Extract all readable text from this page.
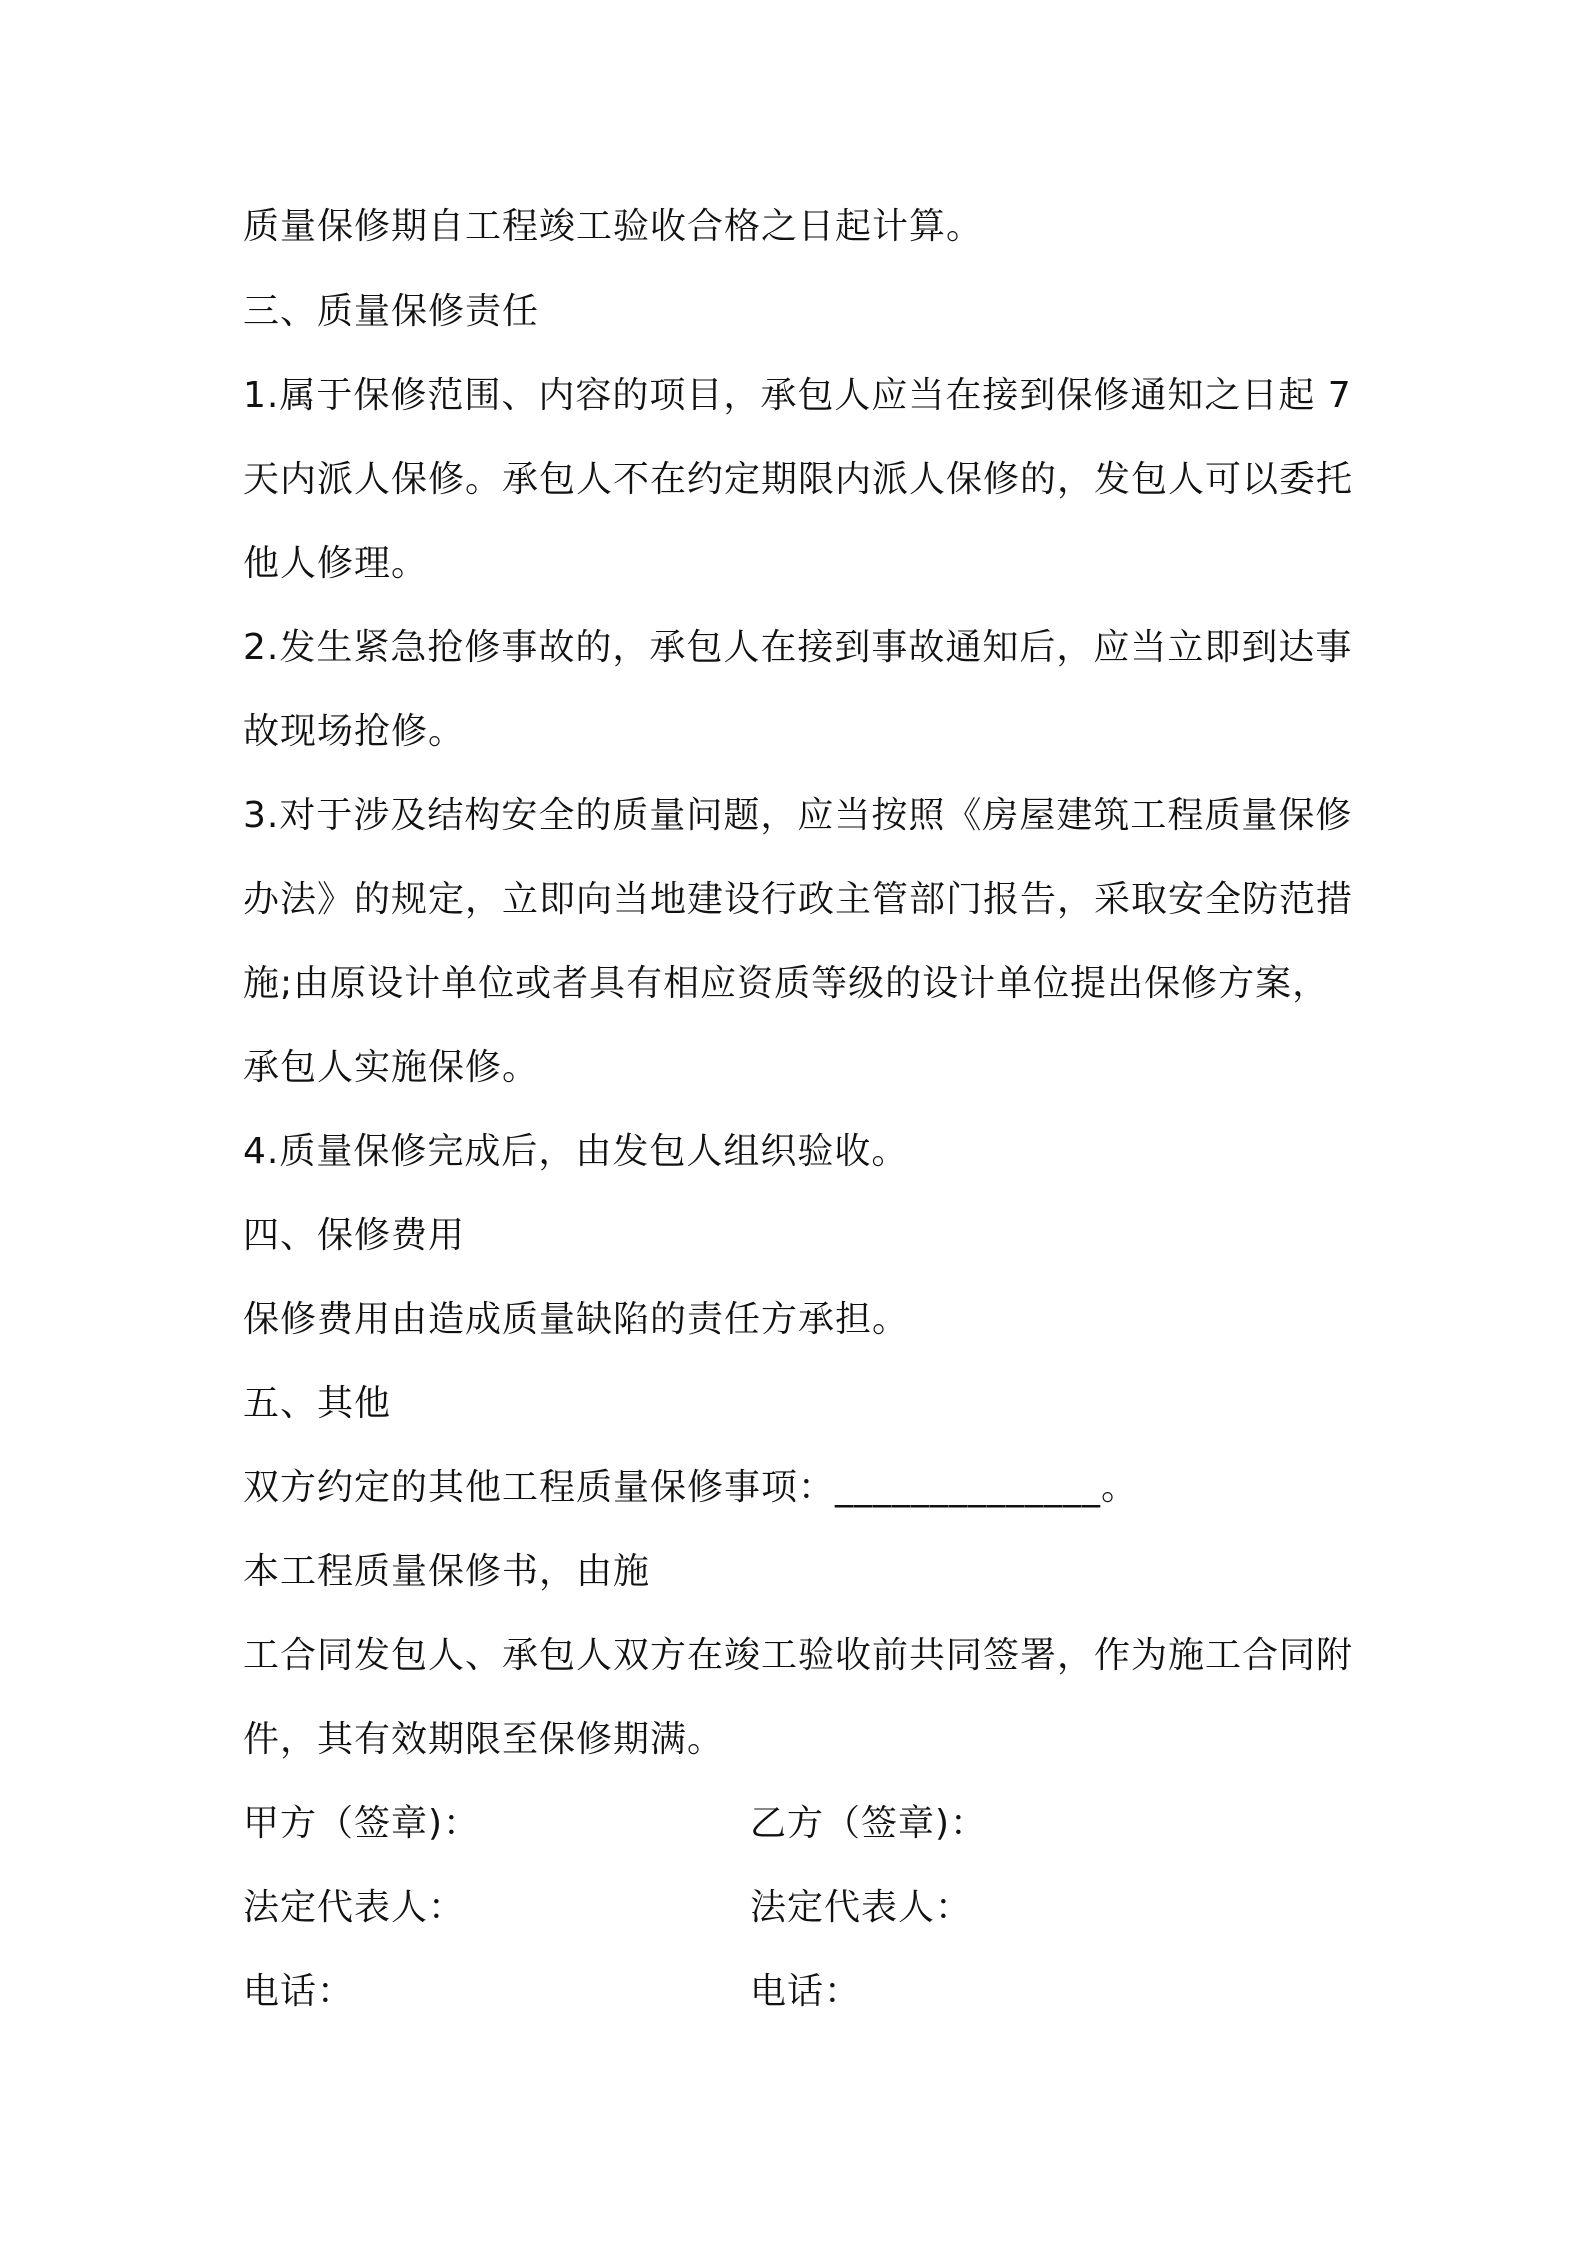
质量保修期自工程竣工验收合格之日起计算。
三、质量保修责任
1.属于保修范围、内容的项目，承包人应当在接到保修通知之日起 7
天内派人保修。承包人不在约定期限内派人保修的，发包人可以委托
他人修理。
2.发生紧急抢修事故的，承包人在接到事故通知后，应当立即到达事
故现场抢修。
3.对于涉及结构安全的质量问题，应当按照《房屋建筑工程质量保修
办法》的规定，立即向当地建设行政主管部门报告，采取安全防范措
施;由原设计单位或者具有相应资质等级的设计单位提出保修方案，
承包人实施保修。
4.质量保修完成后，由发包人组织验收。
四、保修费用
保修费用由造成质量缺陷的责任方承担。
五、其他
双方约定的其他工程质量保修事项：______________。
本工程质量保修书，由施
工合同发包人、承包人双方在竣工验收前共同签署，作为施工合同附
件，其有效期限至保修期满。
甲方（签章)：	乙方（签章)：
法定代表人：	法定代表人：
电话：	电话：
